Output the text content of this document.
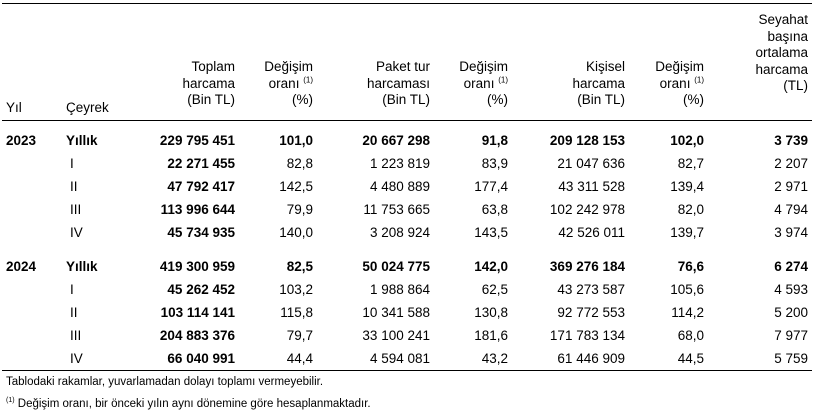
Yıl	Çeyrek
Toplam
harcama
(Bin TL)
Değişim
oranı $^{(1)}$
(%)
Paket tur
harcaması
(Bin TL)
Değişim
oranı $^{(1)}$
(%)
Kişisel
harcama
(Bin TL)
Değişim
oranı $^{(1)}$
(%)
Seyahat
başına
ortalama
harcama
(TL)
2023 Yıllık	229 795 451	101,0	20 667 298	91,8	209 128 153	102,0	3 739
I	22 271 455	82,8	1 223 819	83,9	21 047 636	82,7	2 207
II	47 792 417	142,5	4 480 889	177,4	43 311 528	139,4	2 971
III	113 996 644	79,9	11 753 665	63,8	102 242 978	82,0	4 794
IV	45 734 935	140,0	3 208 924	143,5	42 526 011	139,7	3 974
2024 Yıllık	419 300 959	82,5	50 024 775	142,0	369 276 184	76,6	6 274
I	45 262 452	103,2	1 988 864	62,5	43 273 587	105,6	4 593
II	103 114 141	115,8	10 341 588	130,8	92 772 553	114,2	5 200
III	204 883 376	79,7	33 100 241	181,6	171 783 134	68,0	7 977
IV	66 040 991	44,4	4 594 081	43,2	61 446 909	44,5	5 759
Tablodaki rakamlar, yuvarlamadan dolayı toplamı vermeyebilir.
$^{(1)}$ Değişim oranı, bir önceki yılın aynı dönemine göre hesaplanmaktadır.
